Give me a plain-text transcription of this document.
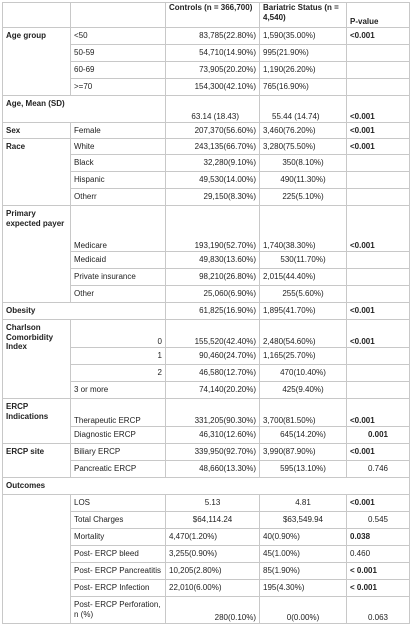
		Controls (n = 366,700)	Bariatric Status (n = 4,540)	P-value
Age group	<50	83,785(22.80%)	1,590(35.00%)	<0.001
	50-59	54,710(14.90%)	995(21.90%)	
	60-69	73,905(20.20%)	1,190(26.20%)	
	>=70	154,300(42.10%)	765(16.90%)	
Age, Mean (SD)		63.14 (18.43)	55.44 (14.74)	<0.001
Sex	Female	207,370(56.60%)	3,460(76.20%)	<0.001
Race	White	243,135(66.70%)	3,280(75.50%)	<0.001
	Black	32,280(9.10%)	350(8.10%)	
	Hispanic	49,530(14.00%)	490(11.30%)	
	Otherr	29,150(8.30%)	225(5.10%)	
Primary expected payer	Medicare	193,190(52.70%)	1,740(38.30%)	<0.001
	Medicaid	49,830(13.60%)	530(11.70%)	
	Private insurance	98,210(26.80%)	2,015(44.40%)	
	Other	25,060(6.90%)	255(5.60%)	
Obesity		61,825(16.90%)	1,895(41.70%)	<0.001
Charlson Comorbidity Index	0	155,520(42.40%)	2,480(54.60%)	<0.001
	1	90,460(24.70%)	1,165(25.70%)	
	2	46,580(12.70%)	470(10.40%)	
	3 or more	74,140(20.20%)	425(9.40%)	
ERCP Indications	Therapeutic ERCP	331,205(90.30%)	3,700(81.50%)	<0.001
	Diagnostic ERCP	46,310(12.60%)	645(14.20%)	0.001
ERCP site	Biliary ERCP	339,950(92.70%)	3,990(87.90%)	<0.001
	Pancreatic ERCP	48,660(13.30%)	595(13.10%)	0.746
Outcomes				
	LOS	5.13	4.81	<0.001
	Total Charges	$64,114.24	$63,549.94	0.545
	Mortality	4,470(1.20%)	40(0.90%)	0.038
	Post- ERCP bleed	3,255(0.90%)	45(1.00%)	0.460
	Post- ERCP Pancreatitis	10,205(2.80%)	85(1.90%)	< 0.001
	Post- ERCP Infection	22,010(6.00%)	195(4.30%)	< 0.001
	Post- ERCP Perforation, n (%)	280(0.10%)	0(0.00%)	0.063
